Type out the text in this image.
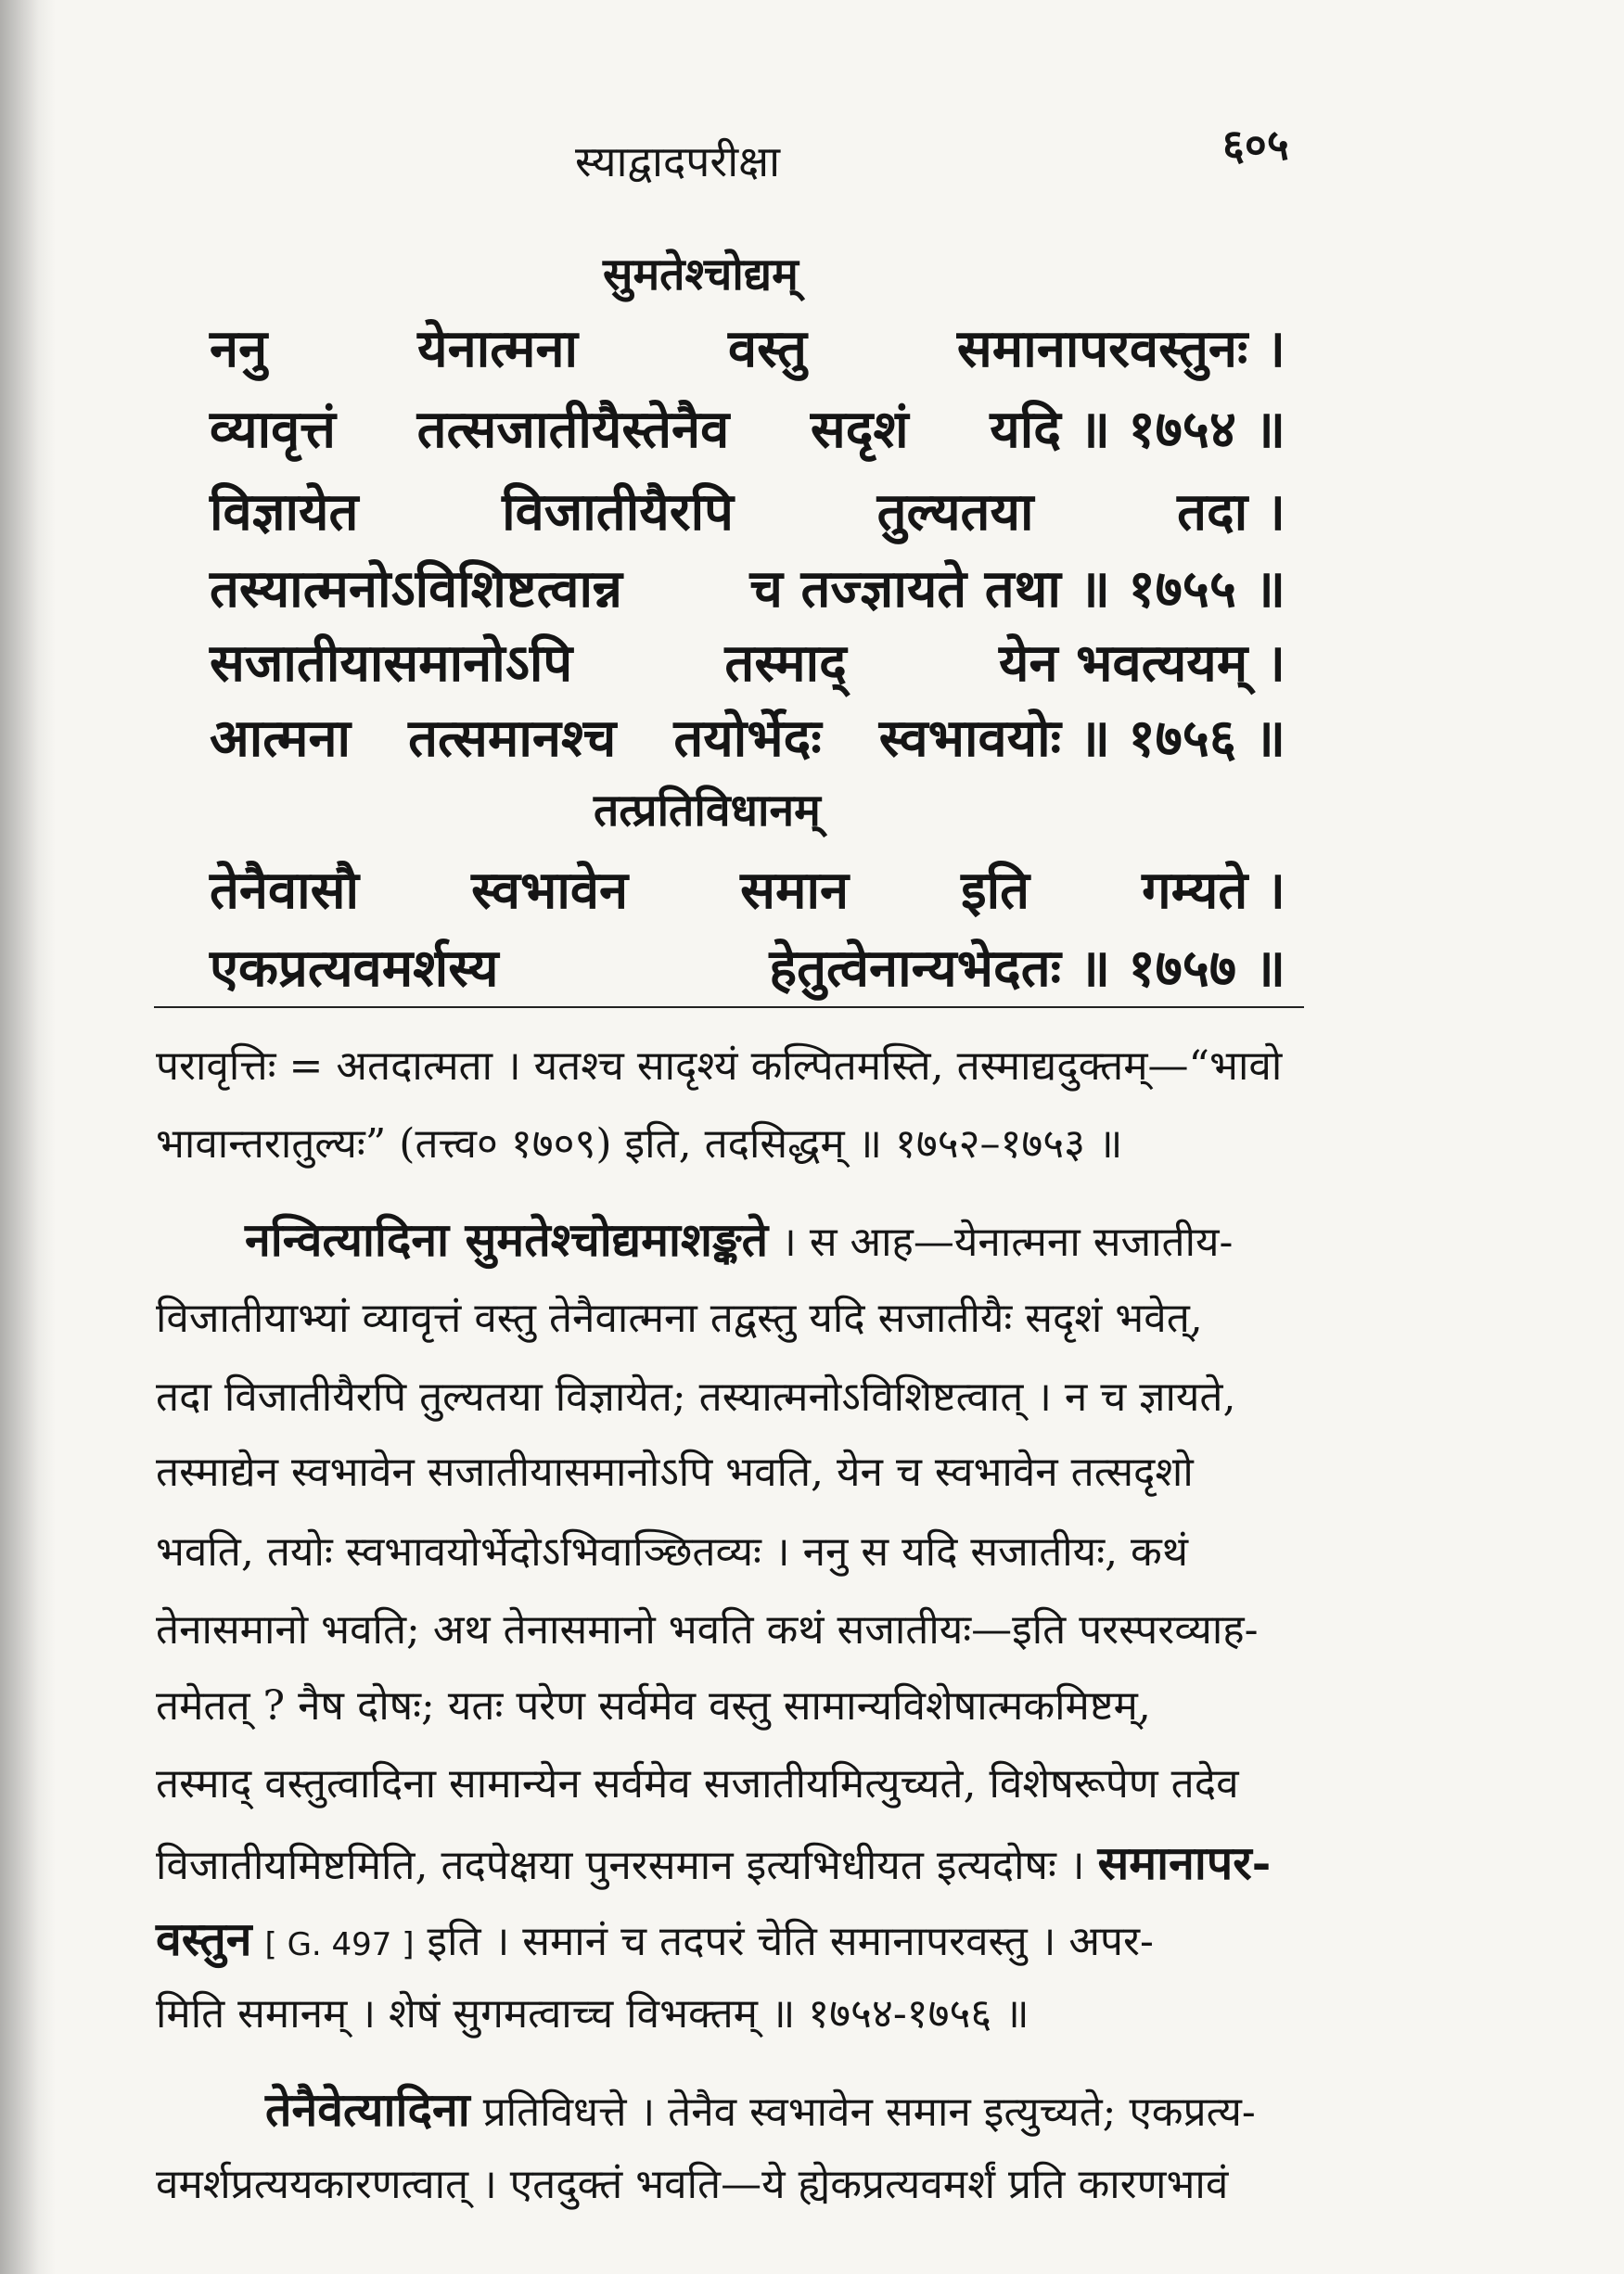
स्याद्वादपरीक्षा	६०५
सुमतेश्चोद्यम्
ननु	येनात्मना	वस्तु	समानापरवस्तुनः ।
व्यावृत्तं तत्सजातीयैस्तेनैव सदृशं यदि ॥ १७५४ ॥
विज्ञायेत	विजातीयैरपि	तुल्यतया	तदा ।
तस्यात्मनोऽविशिष्टत्वान्न च तज्ज्ञायते तथा ॥ १७५५ ॥
सजातीयासमानोऽपि	तस्माद्	येन भवत्ययम् ।
आत्मना तत्समानश्च तयोर्भेदः स्वभावयोः ॥ १७५६ ॥
तत्प्रतिविधानम्
तेनैवासौ स्वभावेन समान इति गम्यते ।
एकप्रत्यवमर्शस्य	हेतुत्वेनान्यभेदतः ॥ १७५७ ॥
परावृत्तिः = अतदात्मता । यतश्च सादृश्यं कल्पितमस्ति, तस्माद्यदुक्तम्—“भावो
भावान्तरातुल्यः” (तत्त्व० १७०९) इति, तदसिद्धम् ॥ १७५२–१७५३ ॥
नन्वित्यादिना सुमतेश्चोद्यमाशङ्कते । स आह—येनात्मना सजातीय-
विजातीयाभ्यां व्यावृत्तं वस्तु तेनैवात्मना तद्वस्तु यदि सजातीयैः सदृशं भवेत्,
तदा विजातीयैरपि तुल्यतया विज्ञायेत; तस्यात्मनोऽविशिष्टत्वात् । न च ज्ञायते,
तस्माद्येन स्वभावेन सजातीयासमानोऽपि भवति, येन च स्वभावेन तत्सदृशो
भवति, तयोः स्वभावयोर्भेदोऽभिवाञ्छितव्यः । ननु स यदि सजातीयः, कथं
तेनासमानो भवति; अथ तेनासमानो भवति कथं सजातीयः—इति परस्परव्याह-
तमेतत् ? नैष दोषः; यतः परेण सर्वमेव वस्तु सामान्यविशेषात्मकमिष्टम्,
तस्माद् वस्तुत्वादिना सामान्येन सर्वमेव सजातीयमित्युच्यते, विशेषरूपेण तदेव
विजातीयमिष्टमिति, तदपेक्षया पुनरसमान इत्यभिधीयत इत्यदोषः । समानापर-
वस्तुन [ G. 497 ] इति । समानं च तदपरं चेति समानापरवस्तु । अपर-
मिति समानम् । शेषं सुगमत्वाच्च विभक्तम् ॥ १७५४-१७५६ ॥
तेनैवेत्यादिना प्रतिविधत्ते । तेनैव स्वभावेन समान इत्युच्यते; एकप्रत्य-
वमर्शप्रत्ययकारणत्वात् । एतदुक्तं भवति—ये ह्येकप्रत्यवमर्शं प्रति कारणभावं
